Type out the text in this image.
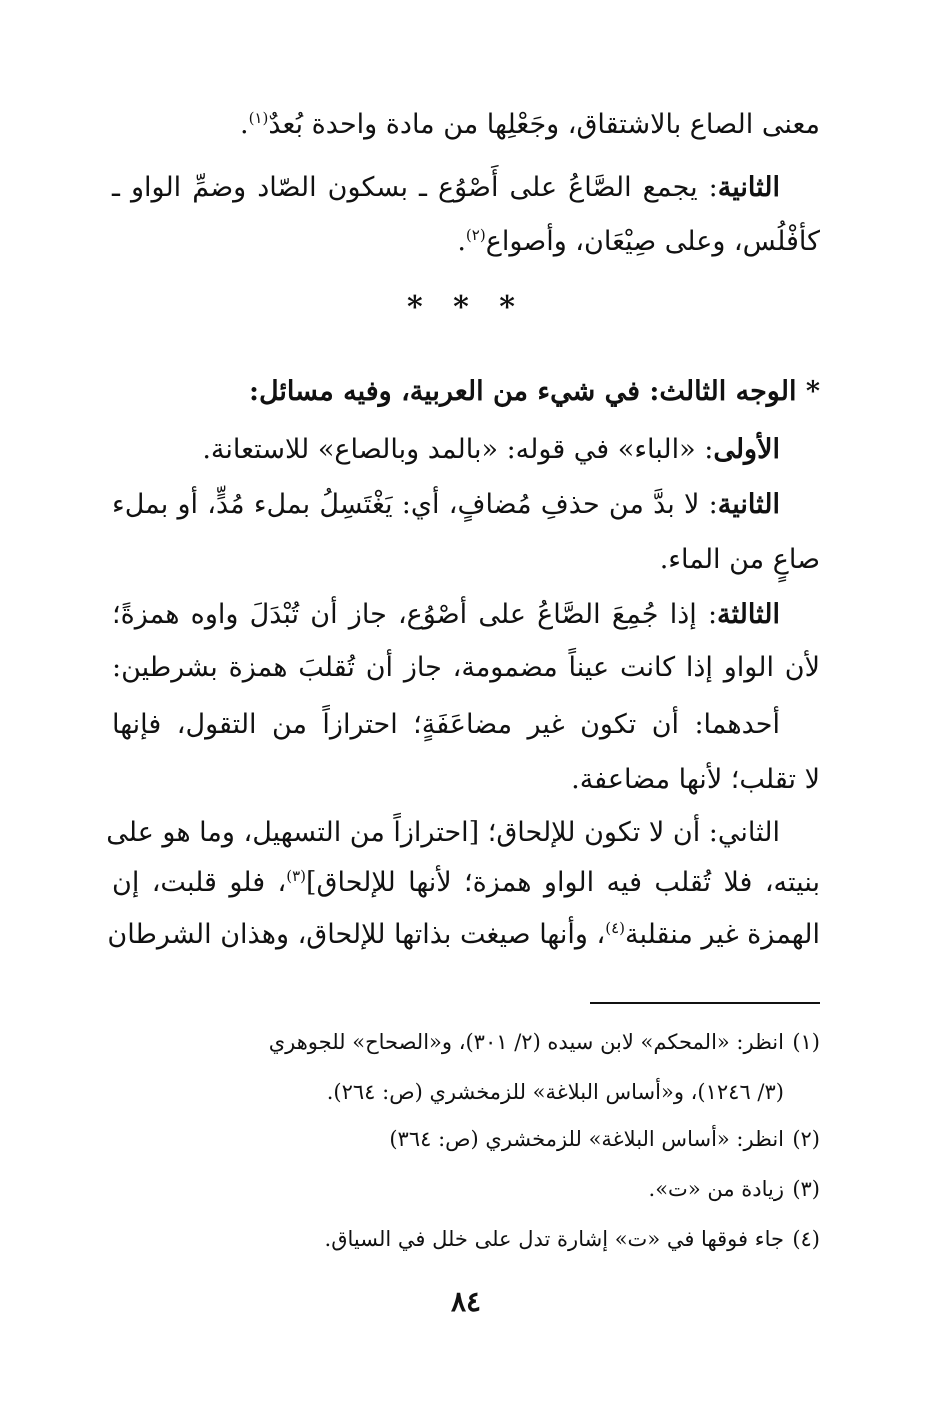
معنى الصاع بالاشتقاق، وجَعْلِها من مادة واحدة بُعدٌ$^{(١)}$.
الثانية: يجمع الصَّاعُ على أَصْوُع ـ بسكون الصّاد وضمِّ الواو ـ
كأفْلُس، وعلى صِيْعَان، وأصواع$^{(٢)}$.
* * *
* الوجه الثالث: في شيء من العربية، وفيه مسائل:
الأولى: «الباء» في قوله: «بالمد وبالصاع» للاستعانة.
الثانية: لا بدَّ من حذفِ مُضافٍ، أي: يَغْتَسِلُ بملء مُدٍّ، أو بملء
صاعٍ من الماء.
الثالثة: إذا جُمِعَ الصَّاعُ على أصْوُع، جاز أن تُبْدَلَ واوه همزةً؛
لأن الواو إذا كانت عيناً مضمومة، جاز أن تُقلبَ همزة بشرطين:
أحدهما: أن تكون غير مضاعَفَةٍ؛ احترازاً من التقول، فإنها
لا تقلب؛ لأنها مضاعفة.
الثاني: أن لا تكون للإلحاق؛ [احترازاً من التسهيل، وما هو على
بنيته، فلا تُقلب فيه الواو همزة؛ لأنها للإلحاق]$^{(٣)}$، فلو قلبت، إن
الهمزة غير منقلبة$^{(٤)}$، وأنها صيغت بذاتها للإلحاق، وهذان الشرطان
(١)انظر: «المحكم» لابن سيده (٢/ ٣٠١)، و«الصحاح» للجوهري
(٣/ ١٢٤٦)، و«أساس البلاغة» للزمخشري (ص: ٢٦٤).
(٢)انظر: «أساس البلاغة» للزمخشري (ص: ٣٦٤)
(٣)زيادة من «ت».
(٤)جاء فوقها في «ت» إشارة تدل على خلل في السياق.
٨٤
